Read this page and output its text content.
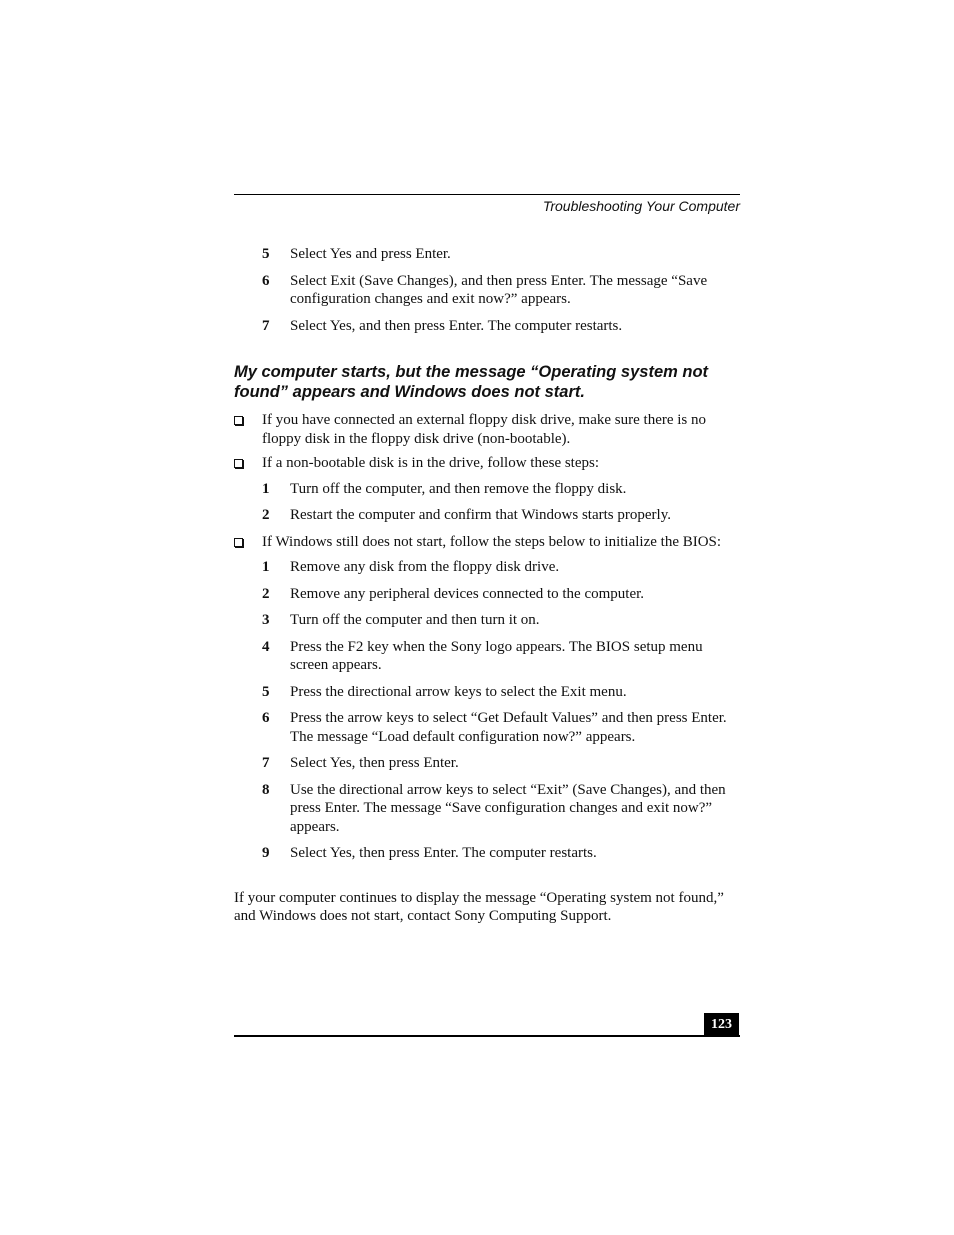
Troubleshooting Your Computer
5 Select Yes and press Enter.
6 Select Exit (Save Changes), and then press Enter. The message “Save configuration changes and exit now?” appears.
7 Select Yes, and then press Enter. The computer restarts.
My computer starts, but the message “Operating system not found” appears and Windows does not start.
If you have connected an external floppy disk drive, make sure there is no floppy disk in the floppy disk drive (non-bootable).
If a non-bootable disk is in the drive, follow these steps:
1 Turn off the computer, and then remove the floppy disk.
2 Restart the computer and confirm that Windows starts properly.
If Windows still does not start, follow the steps below to initialize the BIOS:
1 Remove any disk from the floppy disk drive.
2 Remove any peripheral devices connected to the computer.
3 Turn off the computer and then turn it on.
4 Press the F2 key when the Sony logo appears. The BIOS setup menu screen appears.
5 Press the directional arrow keys to select the Exit menu.
6 Press the arrow keys to select “Get Default Values” and then press Enter. The message “Load default configuration now?” appears.
7 Select Yes, then press Enter.
8 Use the directional arrow keys to select “Exit” (Save Changes), and then press Enter. The message “Save configuration changes and exit now?” appears.
9 Select Yes, then press Enter. The computer restarts.
If your computer continues to display the message “Operating system not found,” and Windows does not start, contact Sony Computing Support.
123
